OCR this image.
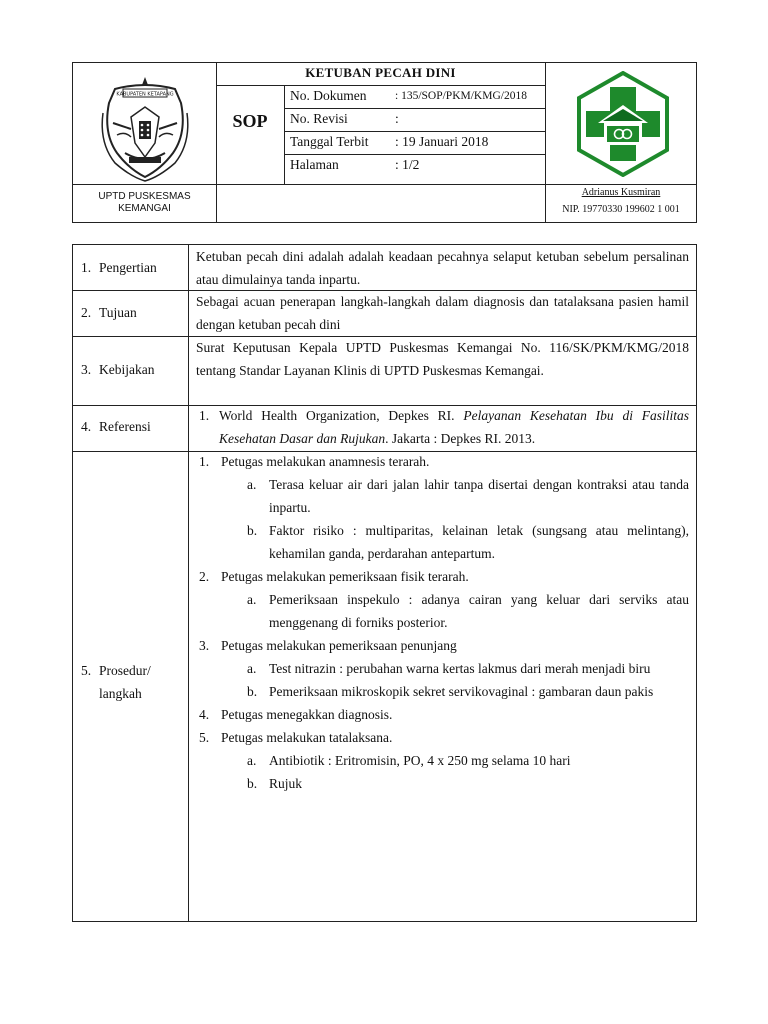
KABUPATEN KETAPANG
KETUBAN PECAH DINI
SOP
No. Dokumen : 135/SOP/PKM/KMG/2018
No. Revisi	:
Tanggal Terbit : 19 Januari 2018
Halaman	: 1/2
UPTD PUSKESMAS
KEMANGAI
Adrianus Kusmiran
NIP. 19770330 199602 1 001
1. Pengertian

Ketuban pecah dini adalah adalah keadaan pecahnya selaput ketuban sebelum persalinan atau dimulainya tanda inpartu.

2. Tujuan

Sebagai acuan penerapan langkah-langkah dalam diagnosis dan tatalaksana pasien hamil dengan ketuban pecah dini

3. Kebijakan

Surat Keputusan Kepala UPTD Puskesmas Kemangai No. 116/SK/PKM/KMG/2018 tentang Standar Layanan Klinis di UPTD Puskesmas Kemangai.

4. Referensi

1. World Health Organization, Depkes RI. Pelayanan Kesehatan Ibu di Fasilitas Kesehatan Dasar dan Rujukan. Jakarta : Depkes RI. 2013.

5. Prosedur/
langkah

1. Petugas melakukan anamnesis terarah.

a. Terasa keluar air dari jalan lahir tanpa disertai dengan kontraksi atau tanda inpartu.

b. Faktor risiko : multiparitas, kelainan letak (sungsang atau melintang), kehamilan ganda, perdarahan antepartum.

2. Petugas melakukan pemeriksaan fisik terarah.

a. Pemeriksaan inspekulo : adanya cairan yang keluar dari serviks atau menggenang di forniks posterior.

3. Petugas melakukan pemeriksaan penunjang

a. Test nitrazin : perubahan warna kertas lakmus dari merah menjadi biru

b. Pemeriksaan mikroskopik sekret servikovaginal : gambaran daun pakis

4. Petugas menegakkan diagnosis.

5. Petugas melakukan tatalaksana.

a. Antibiotik : Eritromisin, PO, 4 x 250 mg selama 10 hari

b. Rujuk
